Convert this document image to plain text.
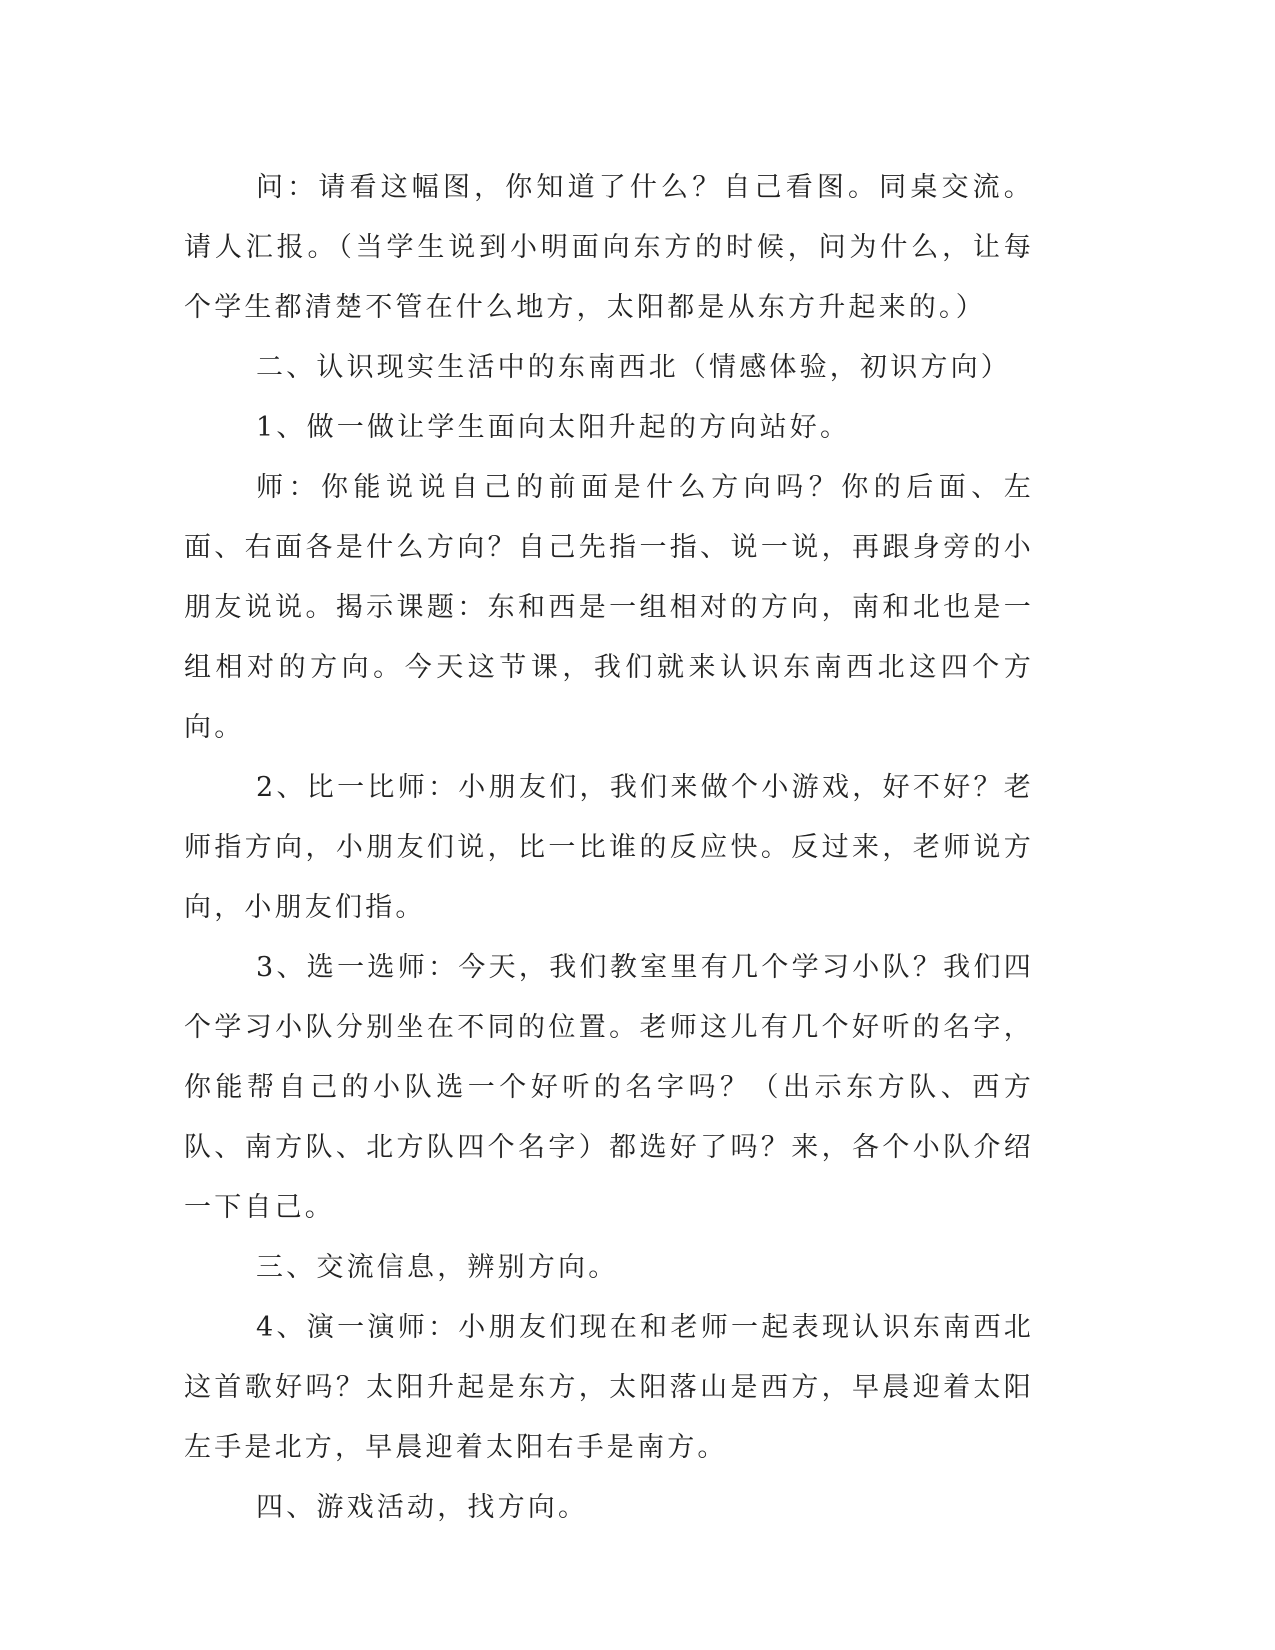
问：请看这幅图，你知道了什么？自己看图。同桌交流。请人汇报。（当学生说到小明面向东方的时候，问为什么，让每个学生都清楚不管在什么地方，太阳都是从东方升起来的。）

二、认识现实生活中的东南西北（情感体验，初识方向）

1、做一做让学生面向太阳升起的方向站好。

师：你能说说自己的前面是什么方向吗？你的后面、左面、右面各是什么方向？自己先指一指、说一说，再跟身旁的小朋友说说。揭示课题：东和西是一组相对的方向，南和北也是一组相对的方向。今天这节课，我们就来认识东南西北这四个方向。

2、比一比师：小朋友们，我们来做个小游戏，好不好？老师指方向，小朋友们说，比一比谁的反应快。反过来，老师说方向，小朋友们指。

3、选一选师：今天，我们教室里有几个学习小队？我们四个学习小队分别坐在不同的位置。老师这儿有几个好听的名字，你能帮自己的小队选一个好听的名字吗？（出示东方队、西方队、南方队、北方队四个名字）都选好了吗？来，各个小队介绍一下自己。

三、交流信息，辨别方向。

4、演一演师：小朋友们现在和老师一起表现认识东南西北这首歌好吗？太阳升起是东方，太阳落山是西方，早晨迎着太阳左手是北方，早晨迎着太阳右手是南方。

四、游戏活动，找方向。
